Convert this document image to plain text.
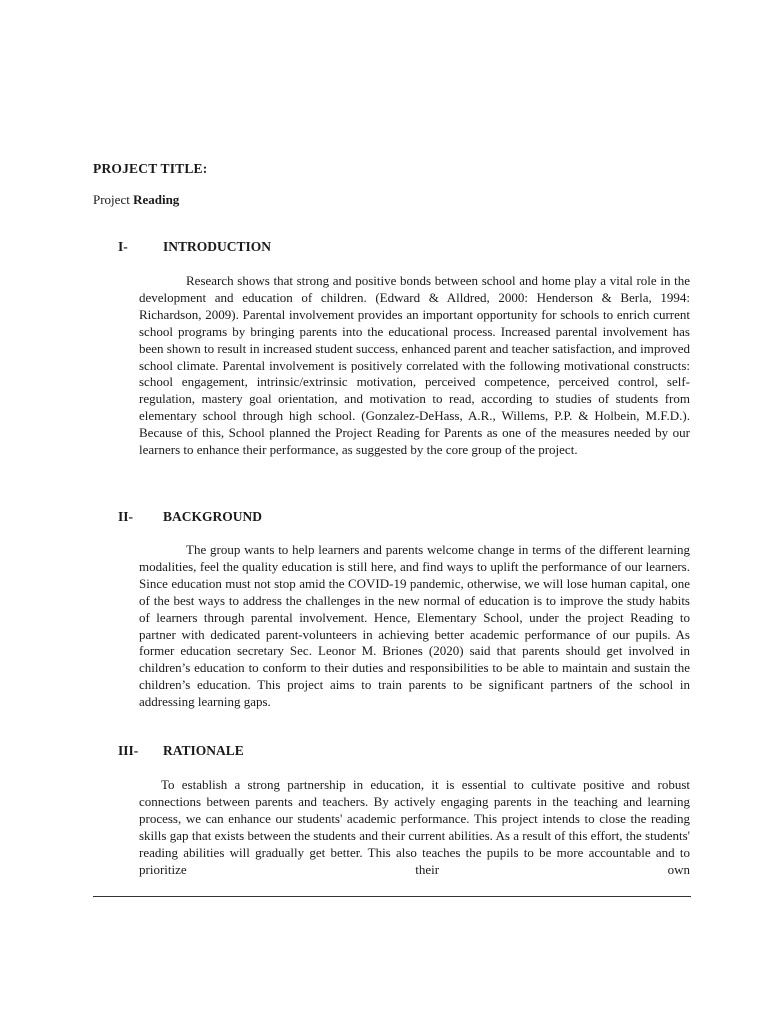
PROJECT TITLE:
Project Reading
I-	INTRODUCTION

Research shows that strong and positive bonds between school and home play a vital role in the development and education of children. (Edward & Alldred, 2000: Henderson & Berla, 1994: Richardson, 2009). Parental involvement provides an important opportunity for schools to enrich current school programs by bringing parents into the educational process. Increased parental involvement has been shown to result in increased student success, enhanced parent and teacher satisfaction, and improved school climate. Parental involvement is positively correlated with the following motivational constructs: school engagement, intrinsic/extrinsic motivation, perceived competence, perceived control, self-regulation, mastery goal orientation, and motivation to read, according to studies of students from elementary school through high school. (Gonzalez-DeHass, A.R., Willems, P.P. & Holbein, M.F.D.). Because of this, School planned the Project Reading for Parents as one of the measures needed by our learners to enhance their performance, as suggested by the core group of the project.

II- BACKGROUND

The group wants to help learners and parents welcome change in terms of the different learning modalities, feel the quality education is still here, and find ways to uplift the performance of our learners. Since education must not stop amid the COVID-19 pandemic, otherwise, we will lose human capital, one of the best ways to address the challenges in the new normal of education is to improve the study habits of learners through parental involvement. Hence, Elementary School, under the project Reading to partner with dedicated parent-volunteers in achieving better academic performance of our pupils. As former education secretary Sec. Leonor M. Briones (2020) said that parents should get involved in children’s education to conform to their duties and responsibilities to be able to maintain and sustain the children’s education. This project aims to train parents to be significant partners of the school in addressing learning gaps.

III- RATIONALE

To establish a strong partnership in education, it is essential to cultivate positive and robust connections between parents and teachers. By actively engaging parents in the teaching and learning process, we can enhance our students' academic performance. This project intends to close the reading skills gap that exists between the students and their current abilities. As a result of this effort, the students' reading abilities will gradually get better. This also teaches the pupils to be more accountable and to prioritize their own
